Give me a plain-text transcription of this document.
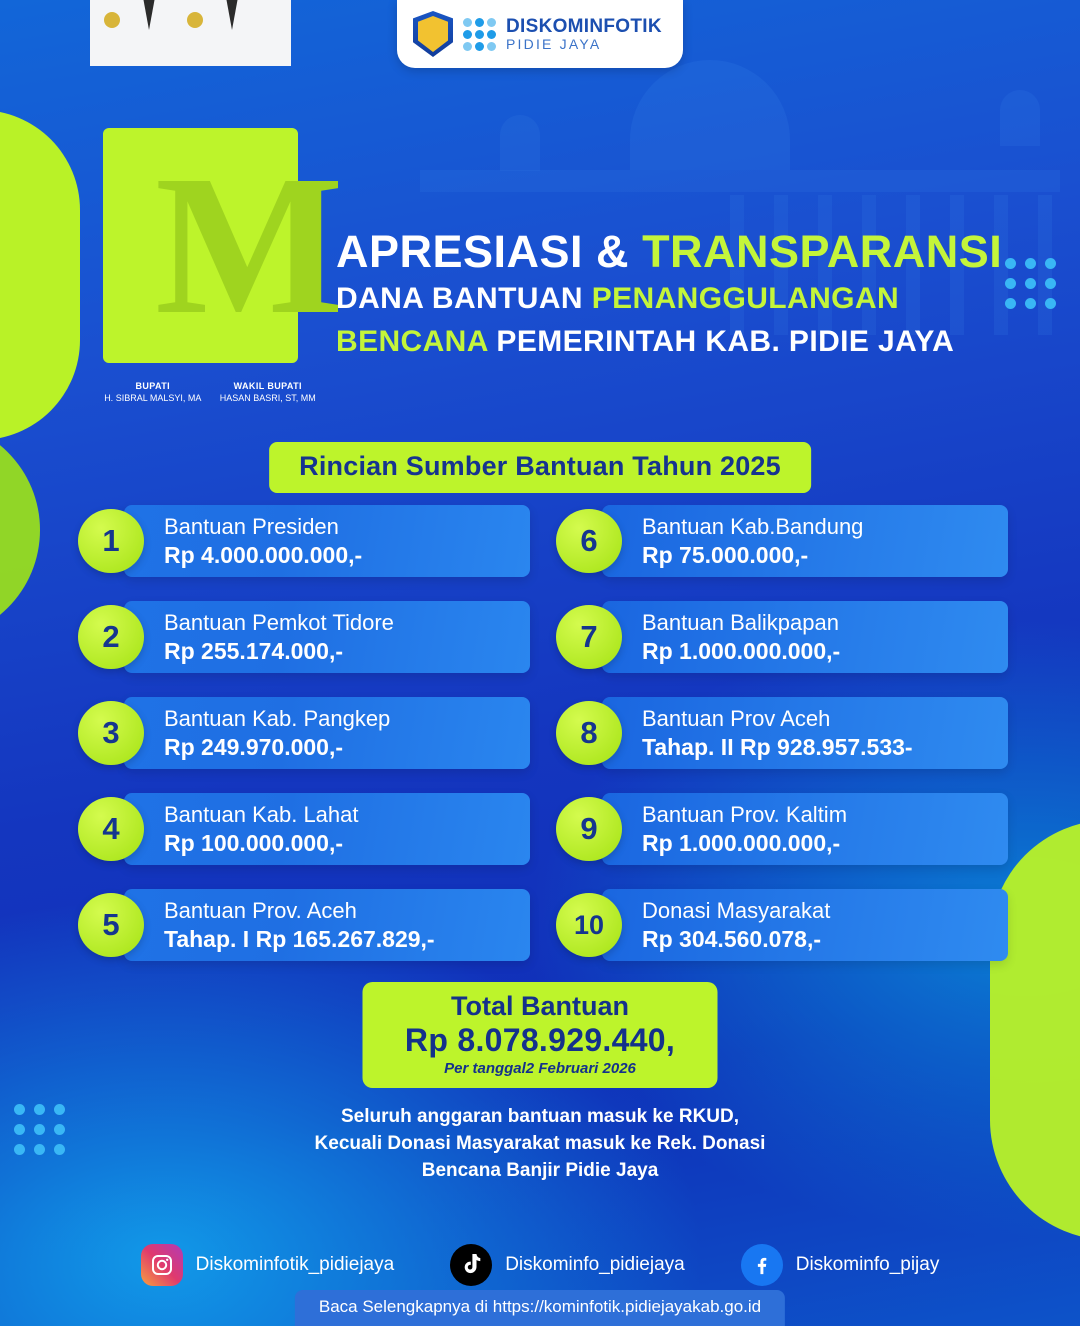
DISKOMINFOTIK
PIDIE JAYA
M
BUPATI
H. SIBRAL MALSYI, MA
WAKIL BUPATI
HASAN BASRI, ST, MM
APRESIASI & TRANSPARANSI
DANA BANTUAN PENANGGULANGAN
BENCANA PEMERINTAH KAB. PIDIE JAYA
Rincian Sumber Bantuan Tahun 2025
1	Bantuan Presiden
Rp 4.000.000.000,-	6	Bantuan Kab.Bandung
Rp 75.000.000,-
2	Bantuan Pemkot Tidore
Rp 255.174.000,-	7	Bantuan Balikpapan
Rp 1.000.000.000,-
3	Bantuan Kab. Pangkep
Rp 249.970.000,-	8	Bantuan Prov Aceh
Tahap. II Rp 928.957.533-
4	Bantuan Kab. Lahat
Rp 100.000.000,-	9	Bantuan Prov. Kaltim
Rp 1.000.000.000,-
5	Bantuan Prov. Aceh
Tahap. I Rp 165.267.829,-	10	Donasi Masyarakat
Rp 304.560.078,-
Total Bantuan
Rp 8.078.929.440,
Per tanggal2 Februari 2026
Seluruh anggaran bantuan masuk ke RKUD,
Kecuali Donasi Masyarakat masuk ke Rek. Donasi
Bencana Banjir Pidie Jaya
Diskominfotik_pidiejaya	Diskominfo_pidiejaya	Diskominfo_pijay
Baca Selengkapnya di https://kominfotik.pidiejayakab.go.id
